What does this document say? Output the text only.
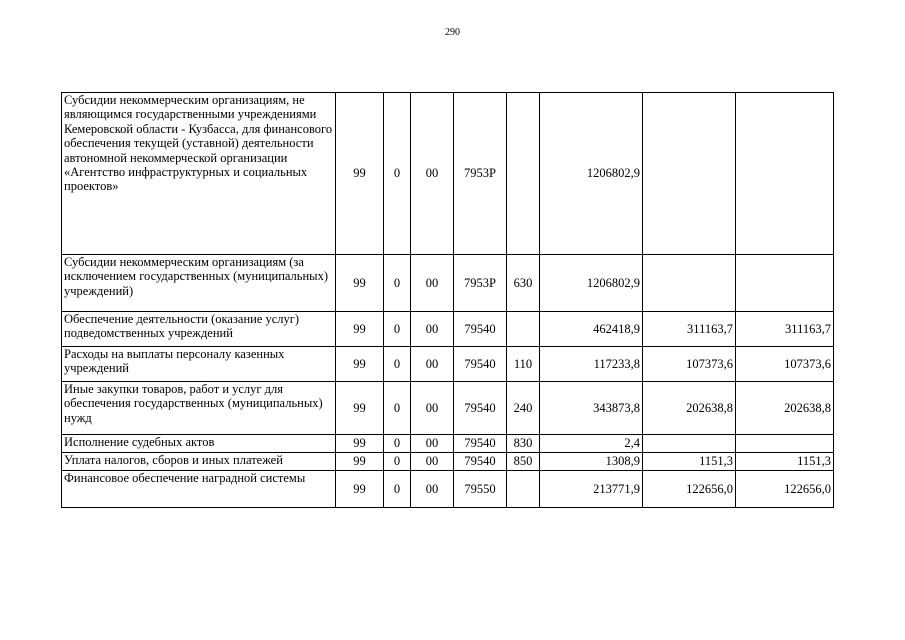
290
Субсидии некоммерческим организациям, не являющимся государственными учреждениями Кемеровской области - Кузбасса, для финансового обеспечения текущей (уставной) деятельности автономной некоммерческой организации «Агентство инфраструктурных и социальных проектов»	99	0	00	7953P		1206802,9		
Субсидии некоммерческим организациям (за исключением государственных (муниципальных) учреждений)	99	0	00	7953P	630	1206802,9		
Обеспечение деятельности (оказание услуг) подведомственных учреждений	99	0	00	79540		462418,9	311163,7	311163,7
Расходы на выплаты персоналу казенных учреждений	99	0	00	79540	110	117233,8	107373,6	107373,6
Иные закупки товаров, работ и услуг для обеспечения государственных (муниципальных) нужд	99	0	00	79540	240	343873,8	202638,8	202638,8
Исполнение судебных актов	99	0	00	79540	830	2,4		
Уплата налогов, сборов и иных платежей	99	0	00	79540	850	1308,9	1151,3	1151,3
Финансовое обеспечение наградной системы	99	0	00	79550		213771,9	122656,0	122656,0
